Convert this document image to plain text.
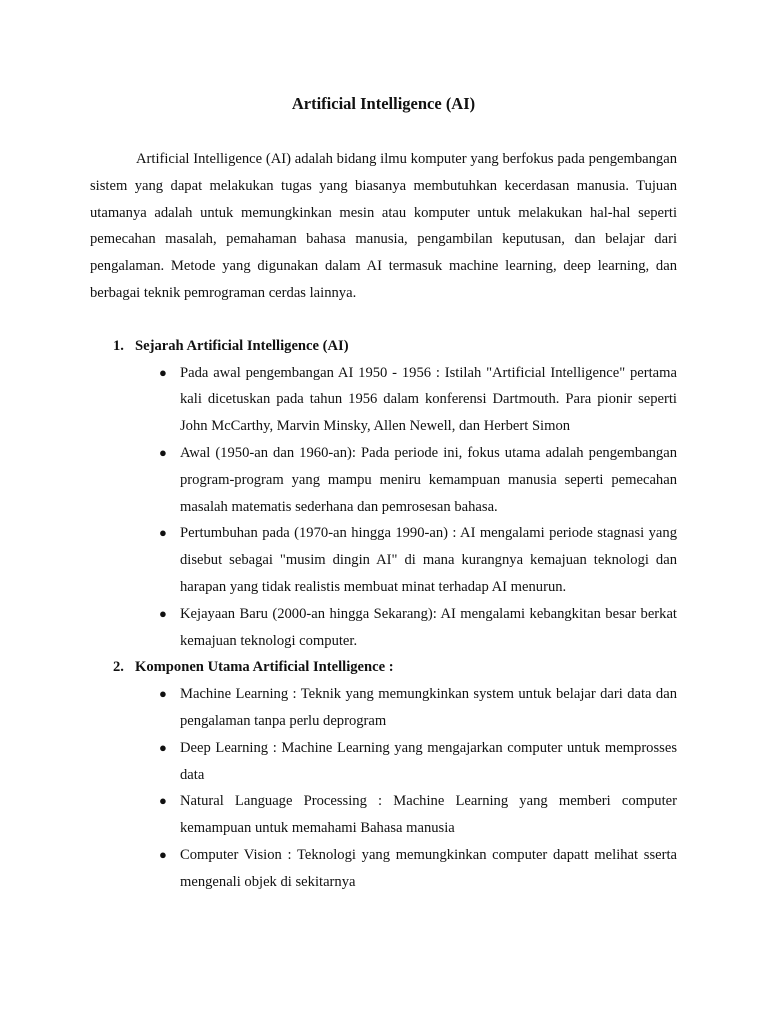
Artificial Intelligence (AI)

Artificial Intelligence (AI) adalah bidang ilmu komputer yang berfokus pada pengembangan sistem yang dapat melakukan tugas yang biasanya membutuhkan kecerdasan manusia. Tujuan utamanya adalah untuk memungkinkan mesin atau komputer untuk melakukan hal-hal seperti pemecahan masalah, pemahaman bahasa manusia, pengambilan keputusan, dan belajar dari pengalaman. Metode yang digunakan dalam AI termasuk machine learning, deep learning, dan berbagai teknik pemrograman cerdas lainnya.

1. Sejarah Artificial Intelligence (AI)
● Pada awal pengembangan AI 1950 - 1956 : Istilah "Artificial Intelligence" pertama kali dicetuskan pada tahun 1956 dalam konferensi Dartmouth. Para pionir seperti John McCarthy, Marvin Minsky, Allen Newell, dan Herbert Simon
● Awal (1950-an dan 1960-an): Pada periode ini, fokus utama adalah pengembangan program-program yang mampu meniru kemampuan manusia seperti pemecahan masalah matematis sederhana dan pemrosesan bahasa.
● Pertumbuhan pada (1970-an hingga 1990-an) : AI mengalami periode stagnasi yang disebut sebagai "musim dingin AI" di mana kurangnya kemajuan teknologi dan harapan yang tidak realistis membuat minat terhadap AI menurun.
● Kejayaan Baru (2000-an hingga Sekarang): AI mengalami kebangkitan besar berkat kemajuan teknologi computer.
2. Komponen Utama Artificial Intelligence :
● Machine Learning : Teknik yang memungkinkan system untuk belajar dari data dan pengalaman tanpa perlu deprogram
● Deep Learning : Machine Learning yang mengajarkan computer untuk memprosses data
● Natural Language Processing : Machine Learning yang memberi computer kemampuan untuk memahami Bahasa manusia
● Computer Vision : Teknologi yang memungkinkan computer dapatt melihat sserta mengenali objek di sekitarnya
